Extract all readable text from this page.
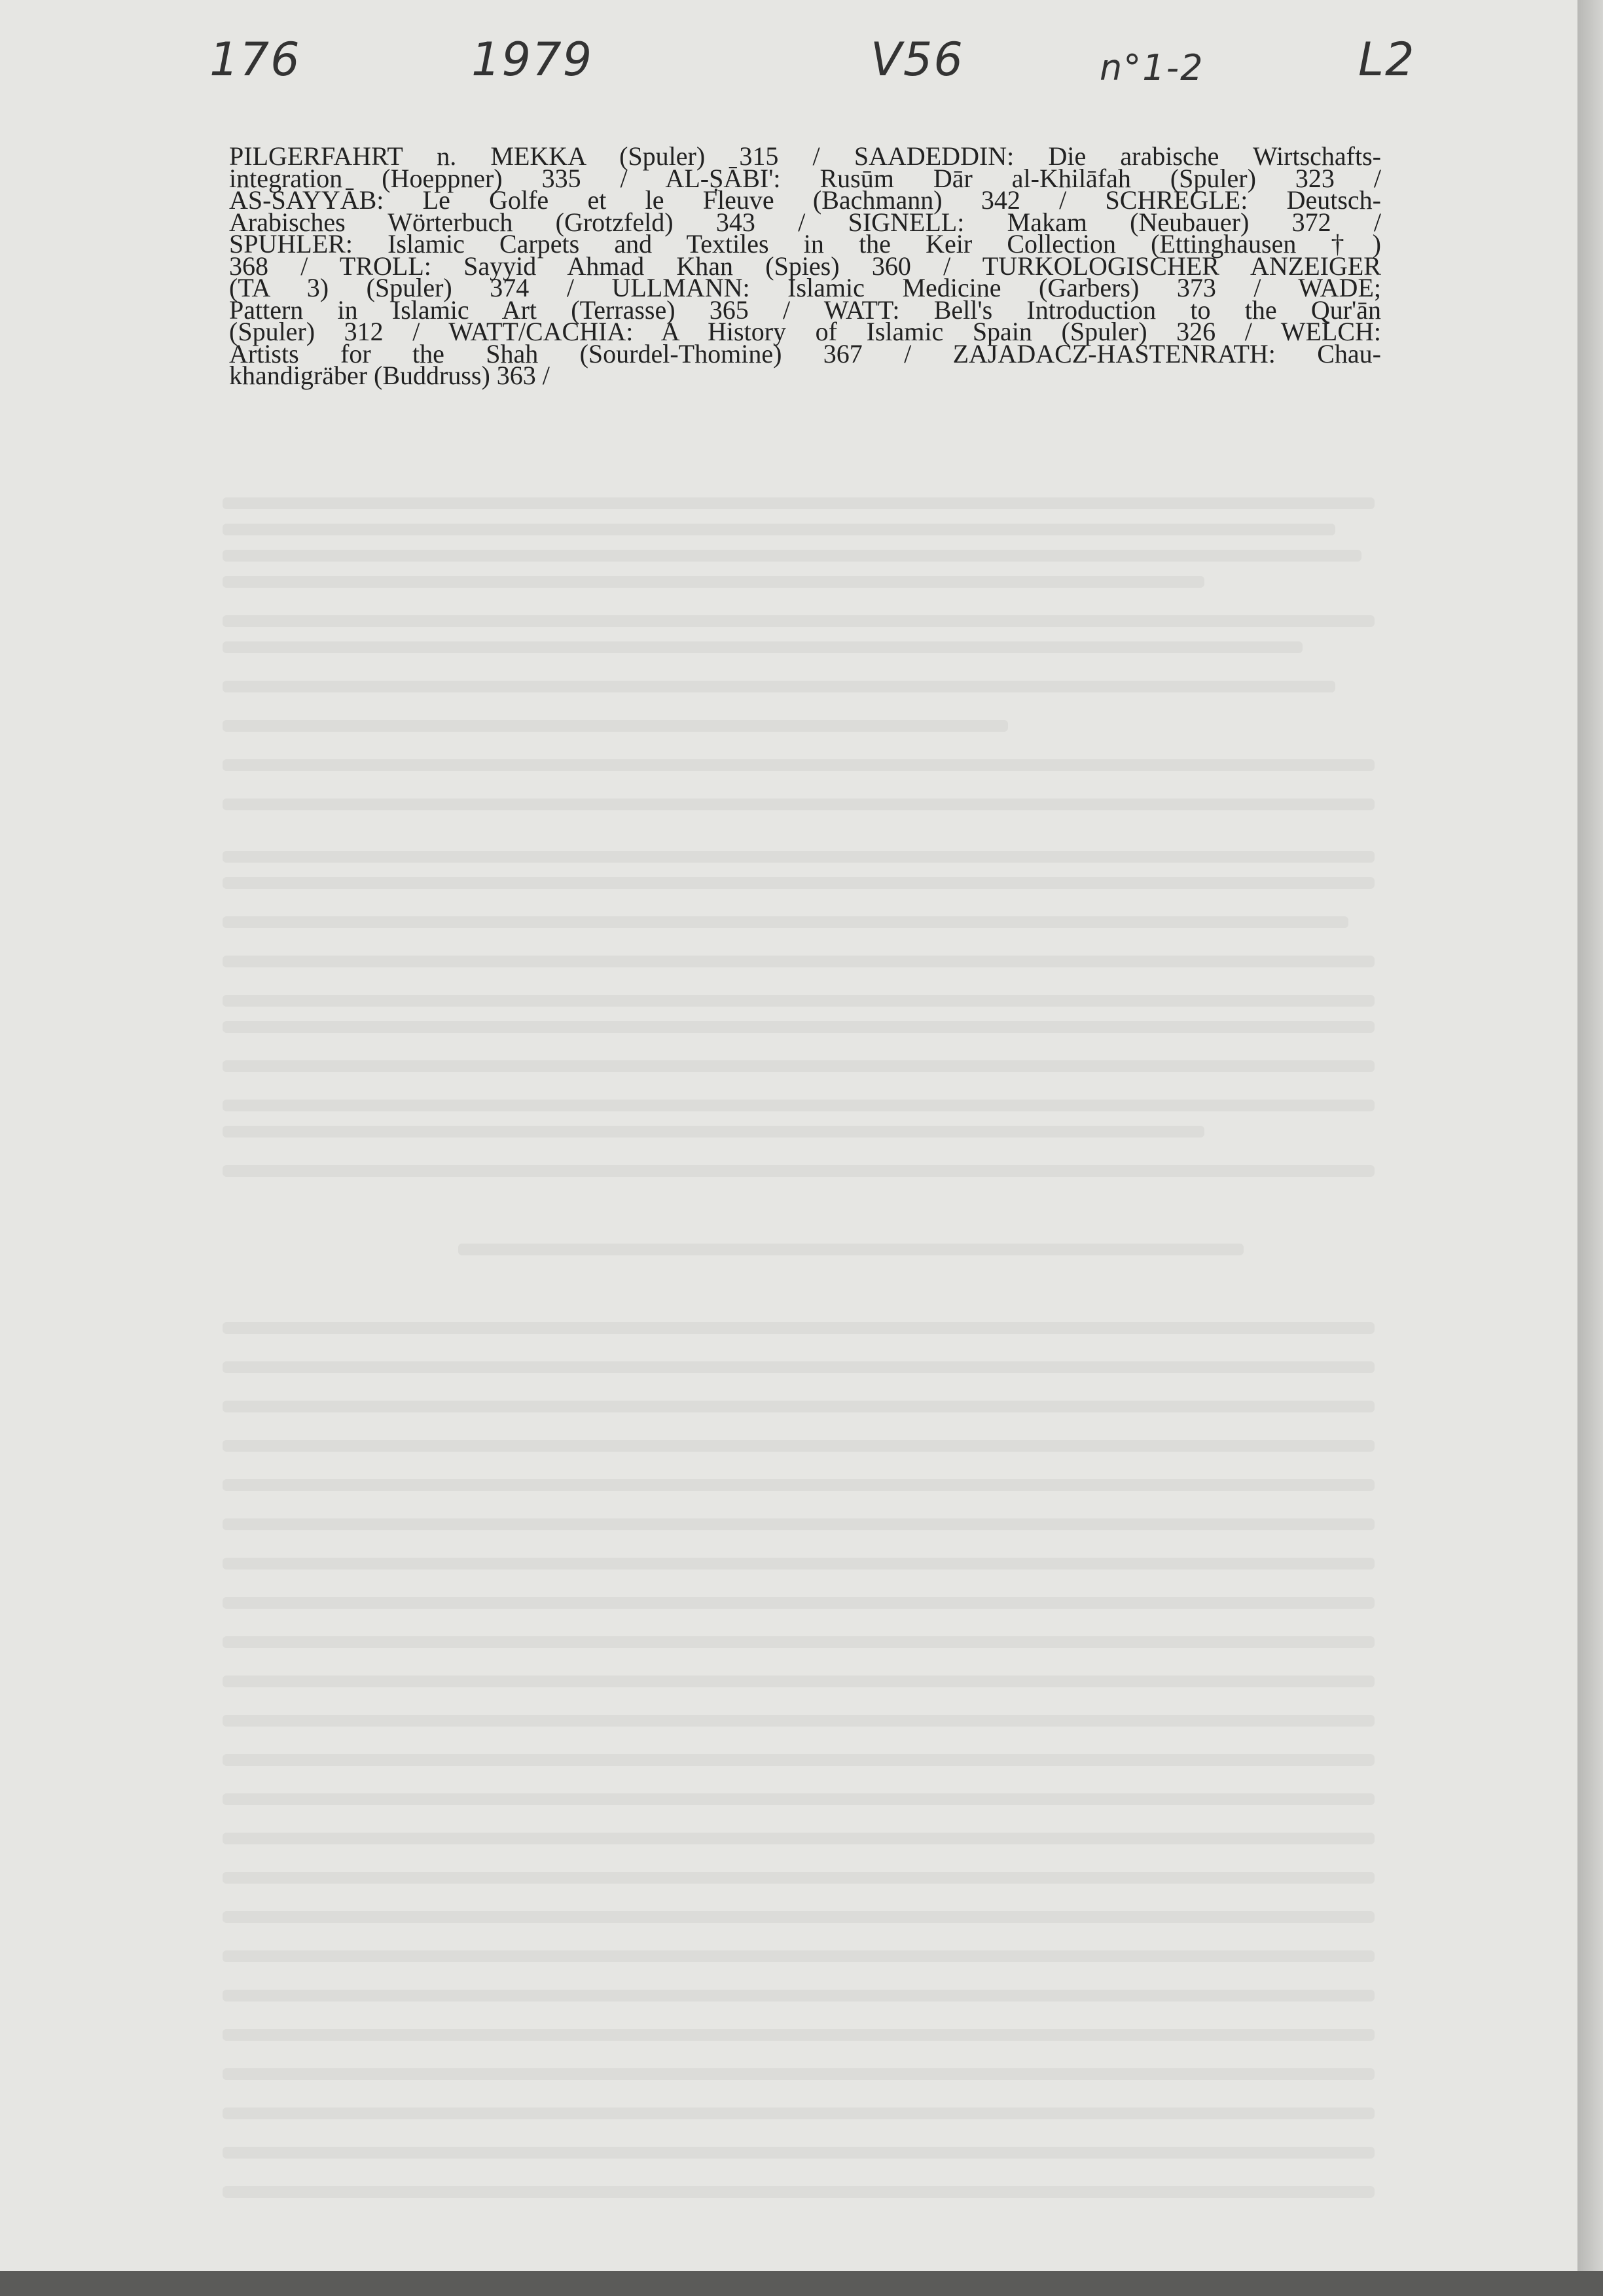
176	1979	V56	n°1-2	L2
PILGERFAHRT n. MEKKA (Spuler) 315 / SAADEDDIN: Die arabische Wirtschafts-
integration (Hoeppner) 335 / AL-ṢĀBI': Rusūm Dār al-Khilāfah (Spuler) 323 /
AS-SAYYĀB: Le Golfe et le Fleuve (Bachmann) 342 / SCHREGLE: Deutsch-
Arabisches Wörterbuch (Grotzfeld) 343 / SIGNELL: Makam (Neubauer) 372 /
SPUHLER: Islamic Carpets and Textiles in the Keir Collection (Ettinghausen †)
368 / TROLL: Sayyid Ahmad Khan (Spies) 360 / TURKOLOGISCHER ANZEIGER
(TA 3) (Spuler) 374 / ULLMANN: Islamic Medicine (Garbers) 373 / WADE;
Pattern in Islamic Art (Terrasse) 365 / WATT: Bell's Introduction to the Qur'ān
(Spuler) 312 / WATT/CACHIA: A History of Islamic Spain (Spuler) 326 / WELCH:
Artists for the Shah (Sourdel-Thomine) 367 / ZAJADACZ-HASTENRATH: Chau-
khandigräber (Buddruss) 363 /
